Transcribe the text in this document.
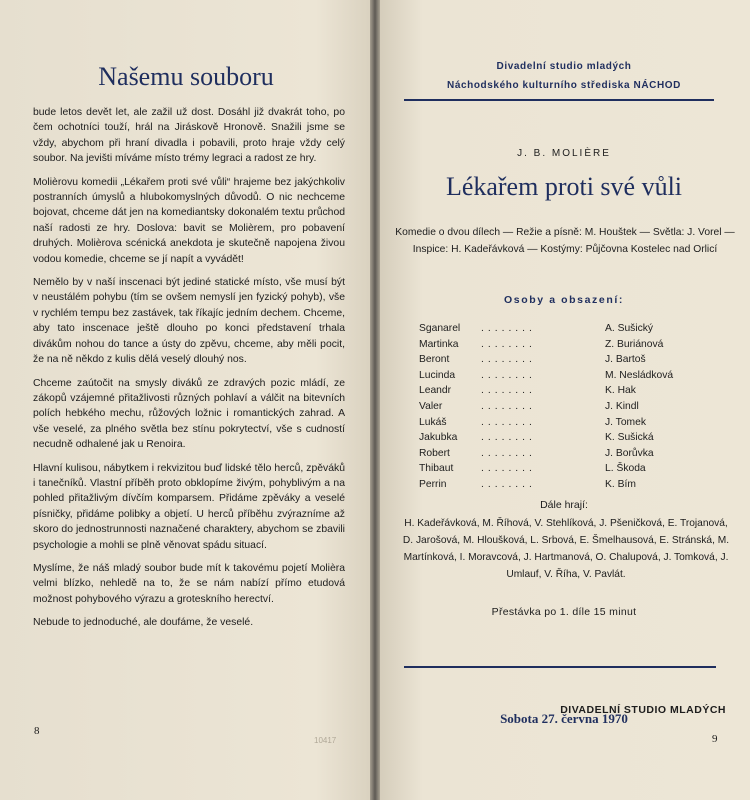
Našemu souboru

bude letos devět let, ale zažil už dost. Dosáhl již dvakrát toho, po čem ochotníci touží, hrál na Jiráskově Hronově. Snažili jsme se vždy, abychom při hraní divadla i pobavili, proto hraje vždy celý soubor. Na jevišti míváme místo trémy legraci a radost ze hry.

Molièrovu komedii „Lékařem proti své vůli“ hrajeme bez jakýchkoliv postranních úmyslů a hlubokomyslných důvodů. O nic nechceme bojovat, chceme dát jen na komediantsky dokonalém textu průchod naší radosti ze hry. Doslova: bavit se Molièrem, pro pobavení druhých. Molièrova scénická anekdota je skutečně napojena živou vodou komedie, chceme se jí napít a vyvádět!

Nemělo by v naší inscenaci být jediné statické místo, vše musí být v neustálém pohybu (tím se ovšem nemyslí jen fyzický pohyb), vše v rychlém tempu bez zastávek, tak říkajíc jedním dechem. Chceme, aby tato inscenace ještě dlouho po konci představení trhala divákům nohou do tance a ústy do zpěvu, chceme, aby měli pocit, že na ně někdo z kulis dělá veselý dlouhý nos.

Chceme zaútočit na smysly diváků ze zdravých pozic mládí, ze zákopů vzájemné přitažlivosti různých pohlaví a válčit na bitevních polích hebkého mechu, růžových ložnic i romantických zahrad. A vše veselé, za plného světla bez stínu pokrytectví, vše s cudností necudně odhalené jak u Renoira.

Hlavní kulisou, nábytkem i rekvizitou buď lidské tělo herců, zpěváků i tanečníků. Vlastní příběh proto obklopíme živým, pohyblivým a na pohled přitažlivým dívčím komparsem. Přidáme zpěváky a veselé písničky, přidáme polibky a objetí. U herců příběhu zvýrazníme až skoro do jednostrunnosti naznačené charaktery, abychom se zbavili psychologie a mohli se plně věnovat spádu situací.

Myslíme, že náš mladý soubor bude mít k takovému pojetí Molièra velmi blízko, nehledě na to, že se nám nabízí přímo etudová možnost pohybového výrazu a groteskního herectví.

Nebude to jednoduché, ale doufáme, že veselé.

DIVADELNÍ STUDIO MLADÝCH
8
10417
Divadelní studio mladých
Náchodského kulturního střediska NÁCHOD
J. B. MOLIÈRE
Lékařem proti své vůli
Komedie o dvou dílech — Režie a písně: M. Houštek — Světla: J. Vorel — Inspice: H. Kadeřávková — Kostýmy: Půjčovna Kostelec nad Orlicí
Osoby a obsazení:
Sganarel ........	A. Sušický
Martinka ........	Z. Buriánová
Beront	........	J. Bartoš
Lucinda	........	M. Nesládková
Leandr	........	K. Hak
Valer	........	J. Kindl
Lukáš	........	J. Tomek
Jakubka ........	K. Sušická
Robert	........	J. Borůvka
Thibaut	........	L. Škoda
Perrin	........	K. Bím
Dále hrají:
H. Kadeřávková, M. Říhová, V. Stehlíková, J. Pšeničková, E. Trojanová, D. Jarošová, M. Hloušková, L. Srbová, E. Šmelhausová, E. Stránská, M. Martínková, I. Moravcová, J. Hartmanová, O. Chalupová, J. Tomková, J. Umlauf, V. Říha, V. Pavlát.
Přestávka po 1. díle 15 minut
Sobota 27. června 1970
9
